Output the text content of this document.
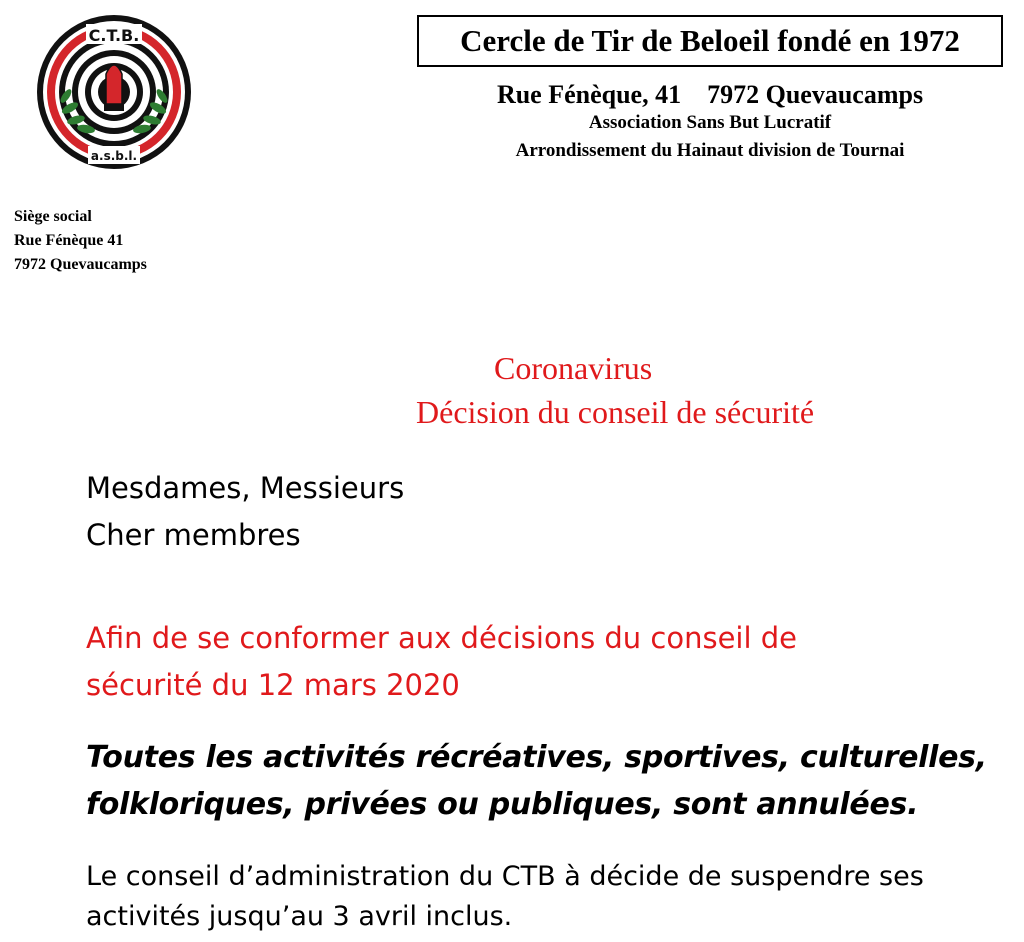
C.T.B.
a.s.b.l.
Cercle de Tir de Beloeil fondé en 1972
Rue Fénèque, 41    7972 Quevaucamps
Association Sans But Lucratif
Arrondissement du Hainaut division de Tournai
Siège social
Rue Fénèque 41
7972 Quevaucamps
Coronavirus
Décision du conseil de sécurité
Mesdames, Messieurs
Cher membres
Afin de se conformer aux décisions du conseil de
sécurité du 12 mars 2020
Toutes les activités récréatives, sportives, culturelles,
folkloriques, privées ou publiques, sont annulées.
Le conseil d’administration du CTB à décide de suspendre ses
activités jusqu’au 3 avril inclus.
